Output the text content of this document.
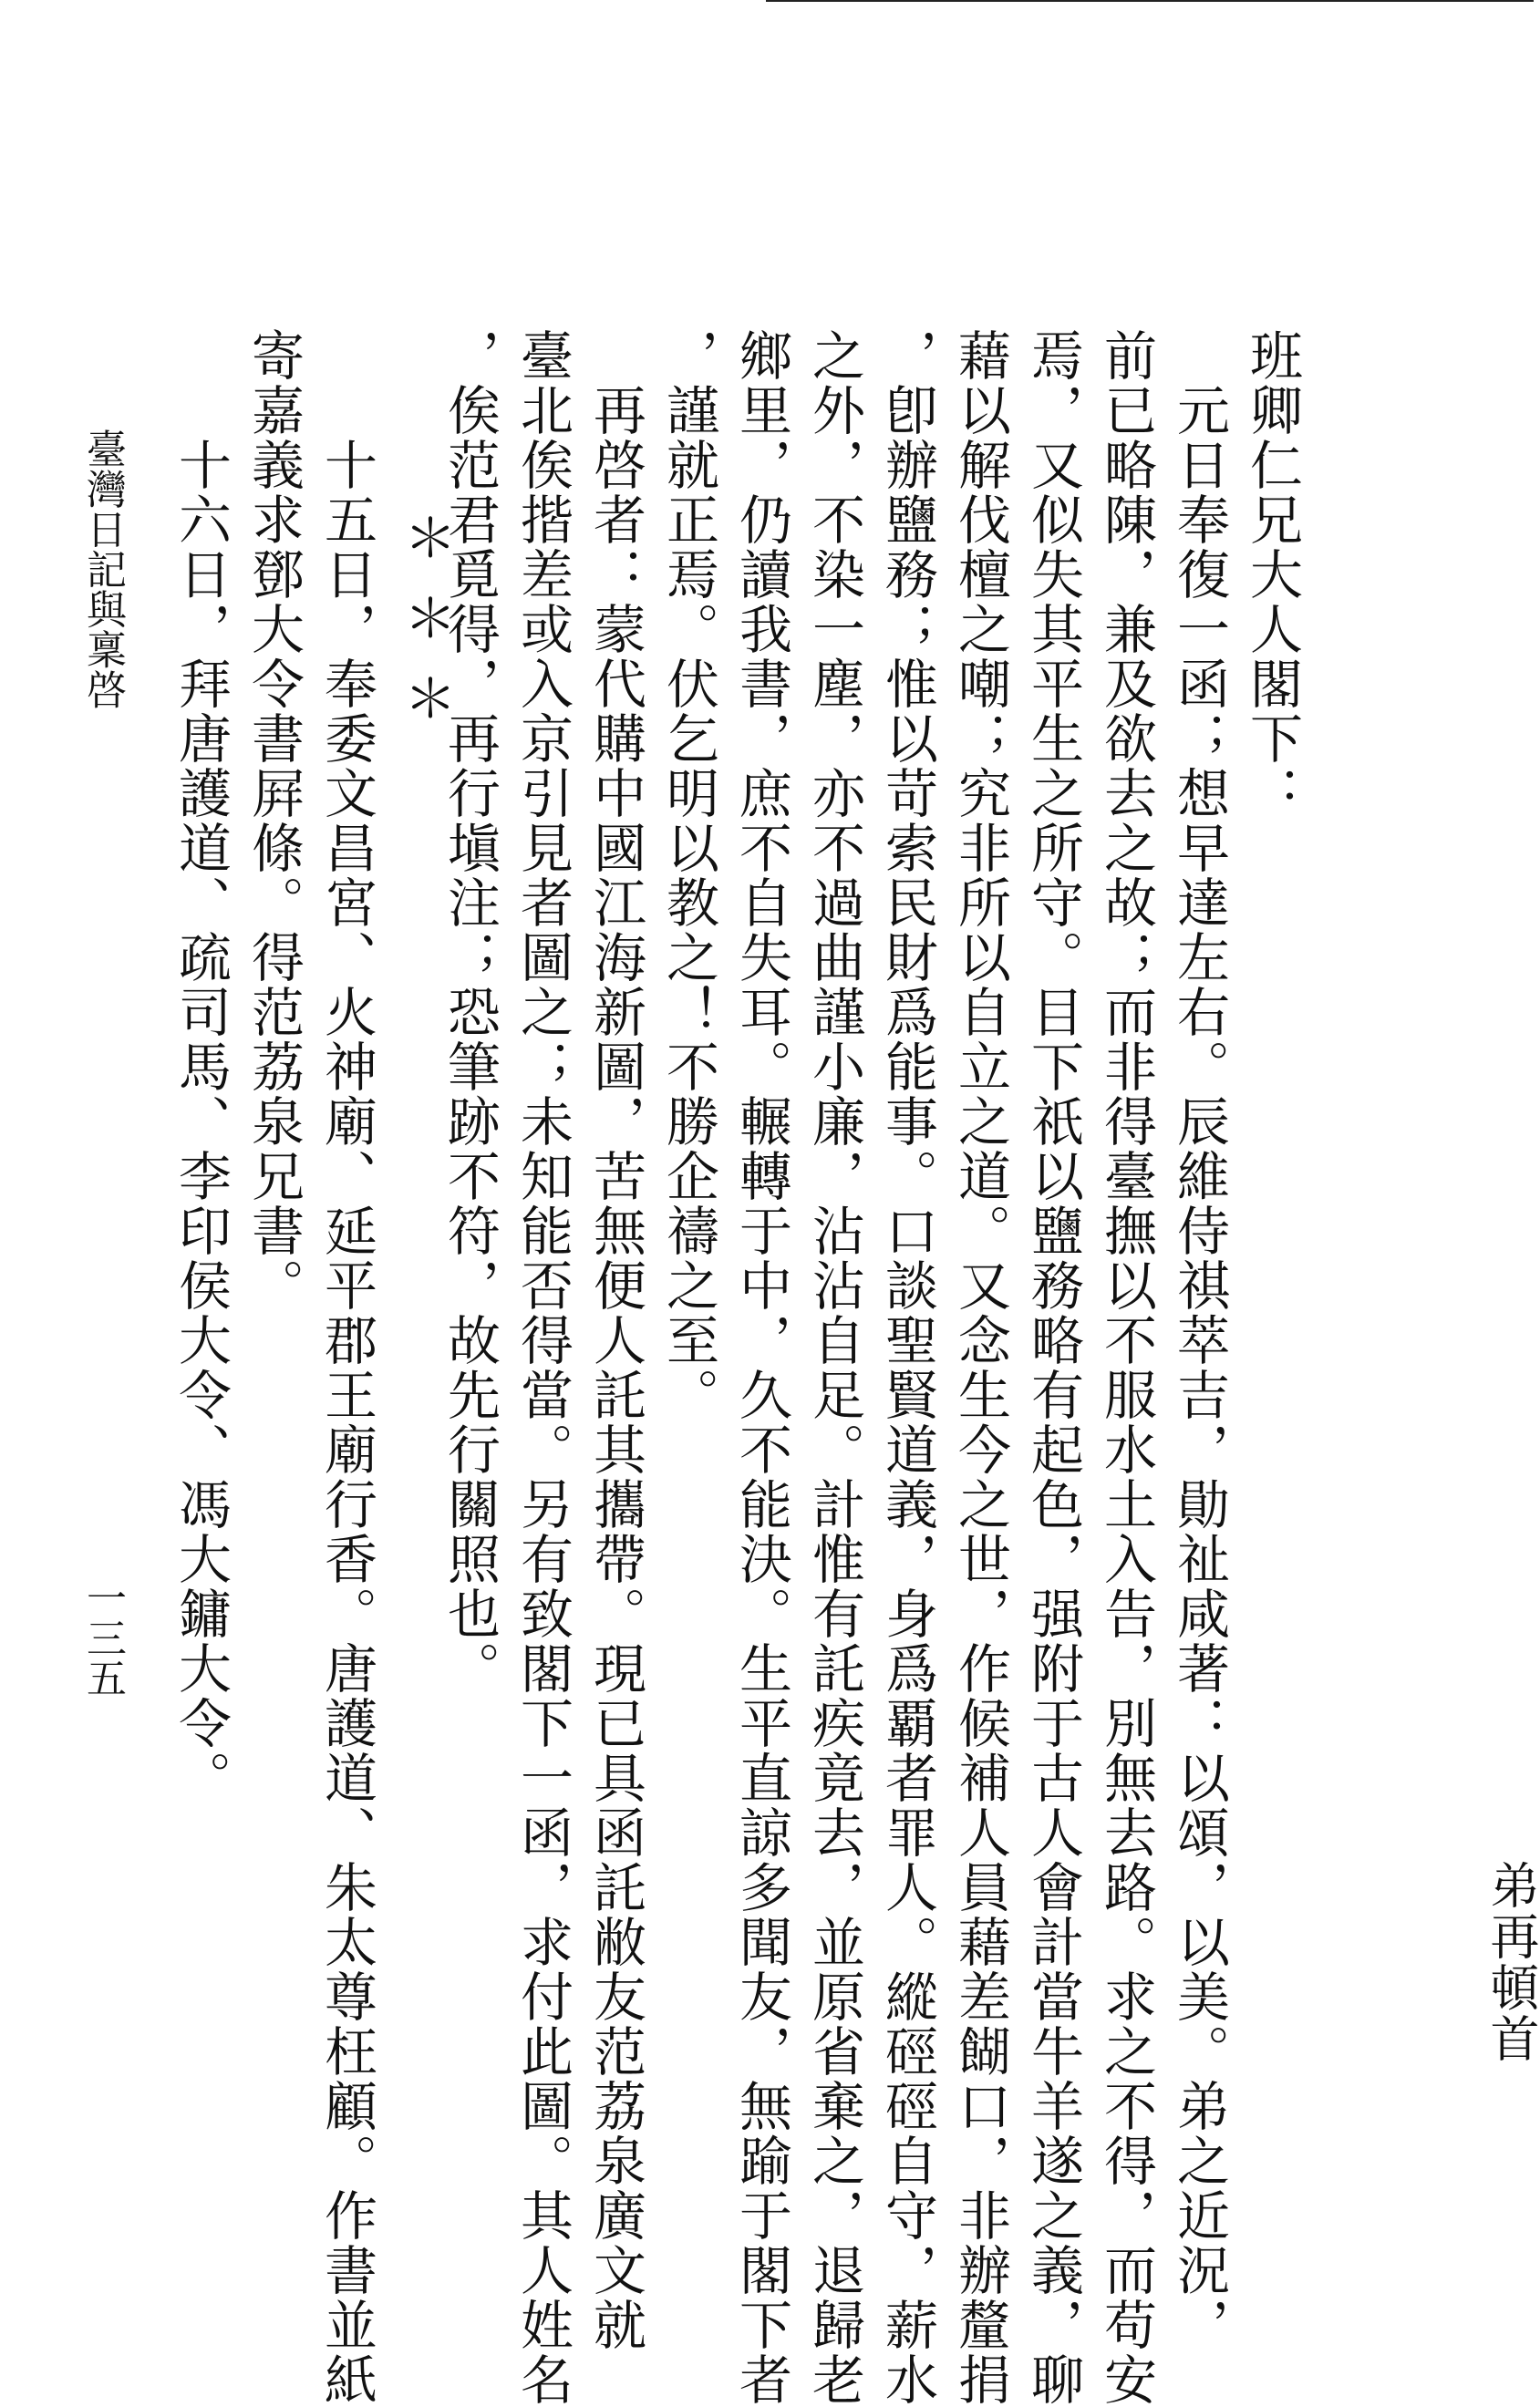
班卿仁兄大人閣下：
　元日奉復一函；想早達左右。辰維侍祺萃吉，勛祉咸著：以頌，以美。弟之近況，
前已略陳，兼及欲去之故；而非得臺撫以不服水土入告，別無去路。求之不得，而苟安
焉，又似失其平生之所守。目下祇以鹽務略有起色，强附于古人會計當牛羊遂之義，聊
藉以解伐檀之嘲；究非所以自立之道。又念生今之世，作候補人員藉差餬口，非辦釐捐
，卽辦鹽務；惟以苛索民財爲能事。口談聖賢道義，身爲覇者罪人。縱硜硜自守，薪水
之外，不染一塵，亦不過曲謹小廉，沾沾自足。計惟有託疾竟去，並原省棄之，退歸老
鄉里，仍讀我書，庶不自失耳。輾轉于中，久不能決。生平直諒多聞友，無踰于閣下者
，謹就正焉。伏乞明以教之！不勝企禱之至。
弟再頓首
　再啓者：蒙代購中國江海新圖，苦無便人託其攜帶。現已具函託敝友范荔泉廣文就
臺北俟揩差或入京引見者圖之；未知能否得當。另有致閣下一函，求付此圖。其人姓名
，俟范君覓得，再行塡注；恐筆跡不符，故先行關照也。
＊＊＊
　　十五日，奉委文昌宮、火神廟、延平郡王廟行香。唐護道、朱太尊枉顧。作書並紙
寄嘉義求鄧大令書屛條。得范荔泉兄書。
　　十六日，拜唐護道、疏司馬、李印侯大令、馮大鏞大令。
臺灣日記與稟啓
一三五
